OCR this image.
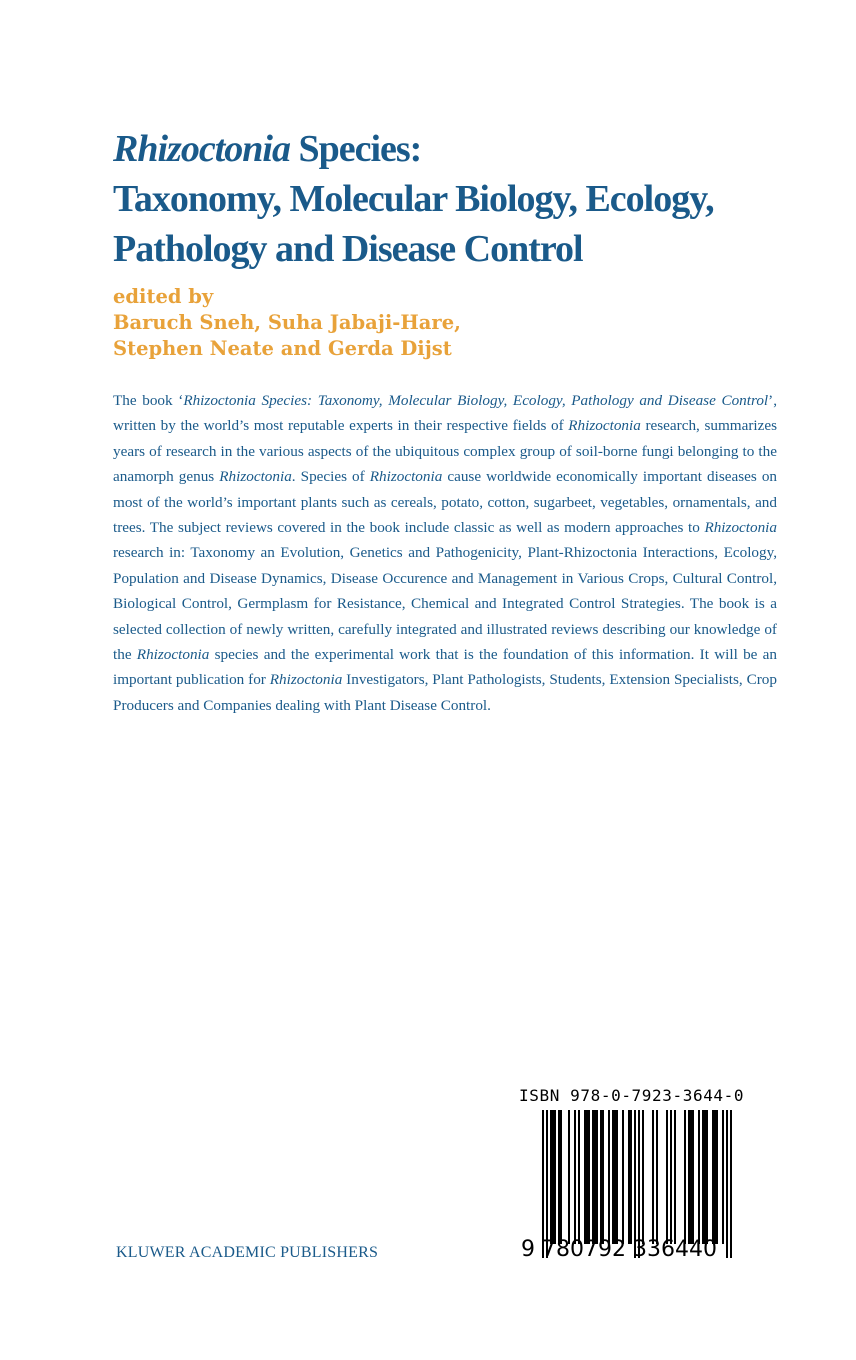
Rhizoctonia Species:
Taxonomy, Molecular Biology, Ecology,
Pathology and Disease Control
edited by
Baruch Sneh, Suha Jabaji-Hare,
Stephen Neate and Gerda Dijst

The book ‘Rhizoctonia Species: Taxonomy, Molecular Biology, Ecology, Pathology and Disease Control’, written by the world’s most reputable experts in their respective fields of Rhizoctonia research, summarizes years of research in the various aspects of the ubiquitous complex group of soil-borne fungi belonging to the anamorph genus Rhizoctonia. Species of Rhizoctonia cause worldwide economically important diseases on most of the world’s important plants such as cereals, potato, cotton, sugarbeet, vegetables, ornamentals, and trees. The subject reviews covered in the book include classic as well as modern approaches to Rhizoctonia research in: Taxonomy an Evolution, Genetics and Pathogenicity, Plant-Rhizoctonia Interactions, Ecology, Population and Disease Dynamics, Disease Occurence and Management in Various Crops, Cultural Control, Biological Control, Germplasm for Resistance, Chemical and Integrated Control Strategies. The book is a selected collection of newly written, carefully integrated and illustrated reviews describing our knowledge of the Rhizoctonia species and the experimental work that is the foundation of this information. It will be an important publication for Rhizoctonia Investigators, Plant Pathologists, Students, Extension Specialists, Crop Producers and Companies dealing with Plant Disease Control.

ISBN 978-0-7923-3644-0
9 780792 336440
KLUWER ACADEMIC PUBLISHERS
